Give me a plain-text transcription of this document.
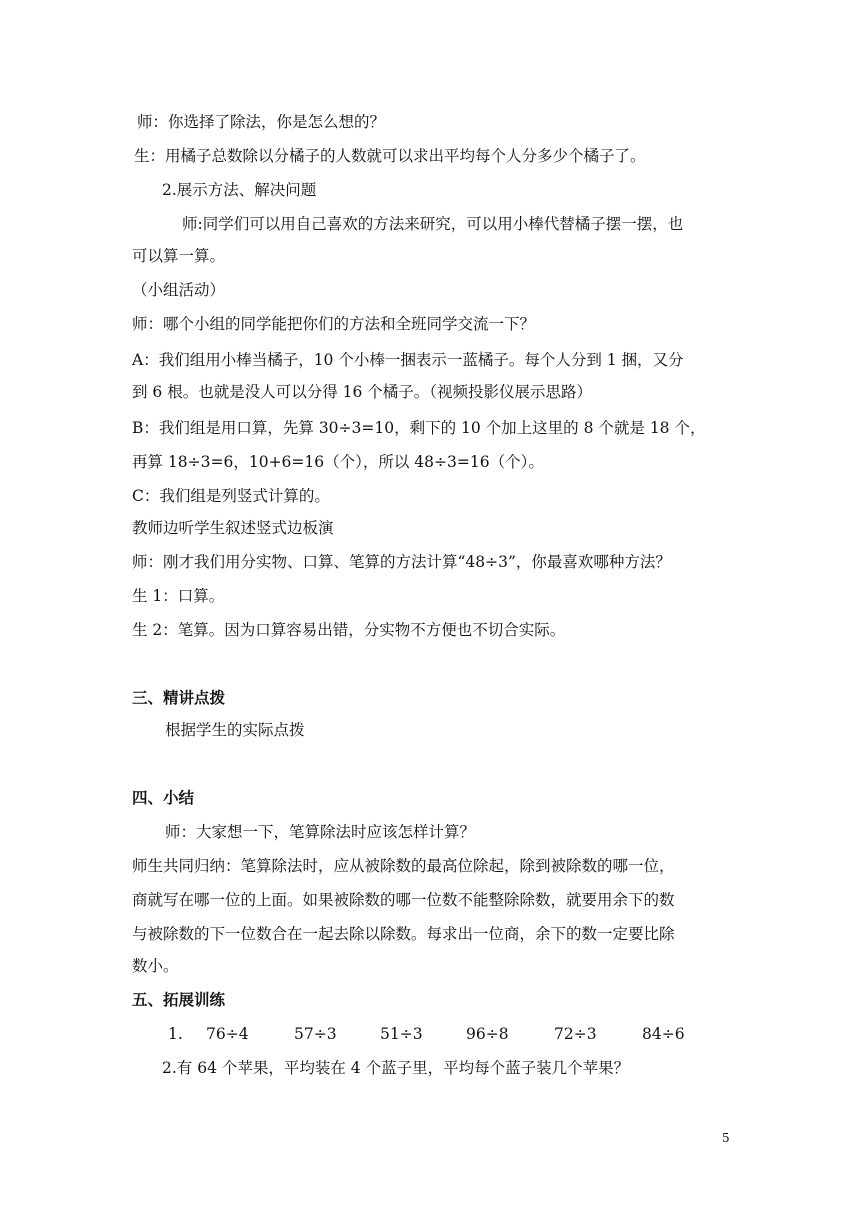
师：你选择了除法，你是怎么想的？
生：用橘子总数除以分橘子的人数就可以求出平均每个人分多少个橘子了。
2.展示方法、解决问题
师:同学们可以用自己喜欢的方法来研究，可以用小棒代替橘子摆一摆，也
可以算一算。
（小组活动）
师：哪个小组的同学能把你们的方法和全班同学交流一下？
A：我们组用小棒当橘子，10 个小棒一捆表示一蓝橘子。每个人分到 1 捆，又分
到 6 根。也就是没人可以分得 16 个橘子。（视频投影仪展示思路）
B：我们组是用口算，先算 30÷3=10，剩下的 10 个加上这里的 8 个就是 18 个，
再算 18÷3=6，10+6=16（个），所以 48÷3=16（个）。
C：我们组是列竖式计算的。
教师边听学生叙述竖式边板演
师：刚才我们用分实物、口算、笔算的方法计算“48÷3”，你最喜欢哪种方法？
生 1：口算。
生 2：笔算。因为口算容易出错，分实物不方便也不切合实际。
三、精讲点拨
根据学生的实际点拨
四、小结
师：大家想一下，笔算除法时应该怎样计算？
师生共同归纳：笔算除法时，应从被除数的最高位除起，除到被除数的哪一位，
商就写在哪一位的上面。如果被除数的哪一位数不能整除除数，就要用余下的数
与被除数的下一位数合在一起去除以除数。每求出一位商，余下的数一定要比除
数小。
五、拓展训练
1. 76÷4	57÷3	51÷3	96÷8	72÷3	84÷6
2.有 64 个苹果，平均装在 4 个蓝子里，平均每个蓝子装几个苹果？
5
